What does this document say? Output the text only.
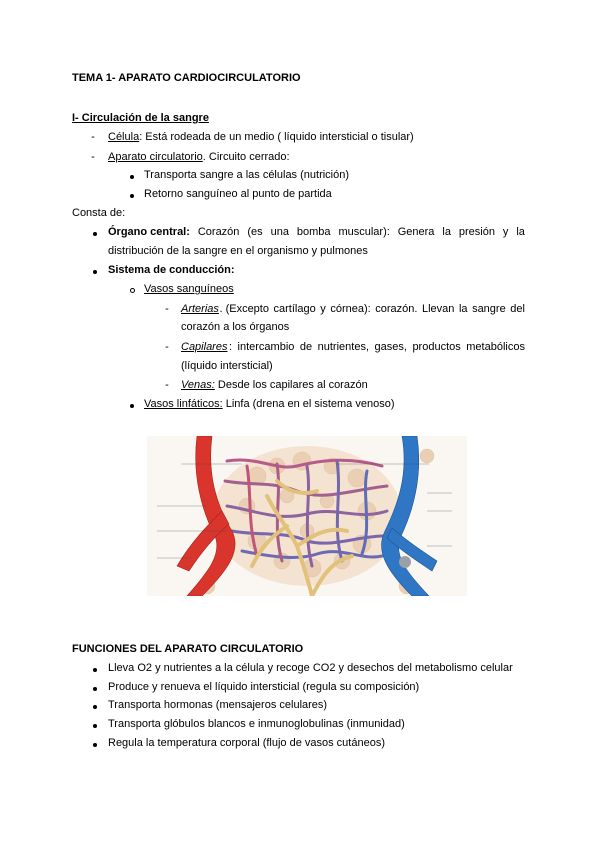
TEMA 1- APARATO CARDIOCIRCULATORIO
I- Circulación de la sangre
- Célula: Está rodeada de un medio ( líquido intersticial o tisular)
- Aparato circulatorio. Circuito cerrado:
Transporta sangre a las células (nutrición)
Retorno sanguíneo al punto de partida
Consta de:
Órgano central: Corazón (es una bomba muscular): Genera la presión y la
distribución de la sangre en el organismo y pulmones
Sistema de conducción:
Vasos sanguíneos
- Arterias . (Excepto cartílago y córnea): corazón. Llevan la sangre del
corazón a los órganos
- Capilares : intercambio de nutrientes, gases, productos metabólicos
(líquido intersticial)
- Venas: Desde los capilares al corazón
Vasos linfáticos: Linfa (drena en el sistema venoso)
FUNCIONES DEL APARATO CIRCULATORIO
Lleva O2 y nutrientes a la célula y recoge CO2 y desechos del metabolismo celular
Produce y renueva el líquido intersticial (regula su composición)
Transporta hormonas (mensajeros celulares)
Transporta glóbulos blancos e inmunoglobulinas (inmunidad)
Regula la temperatura corporal (flujo de vasos cutáneos)
